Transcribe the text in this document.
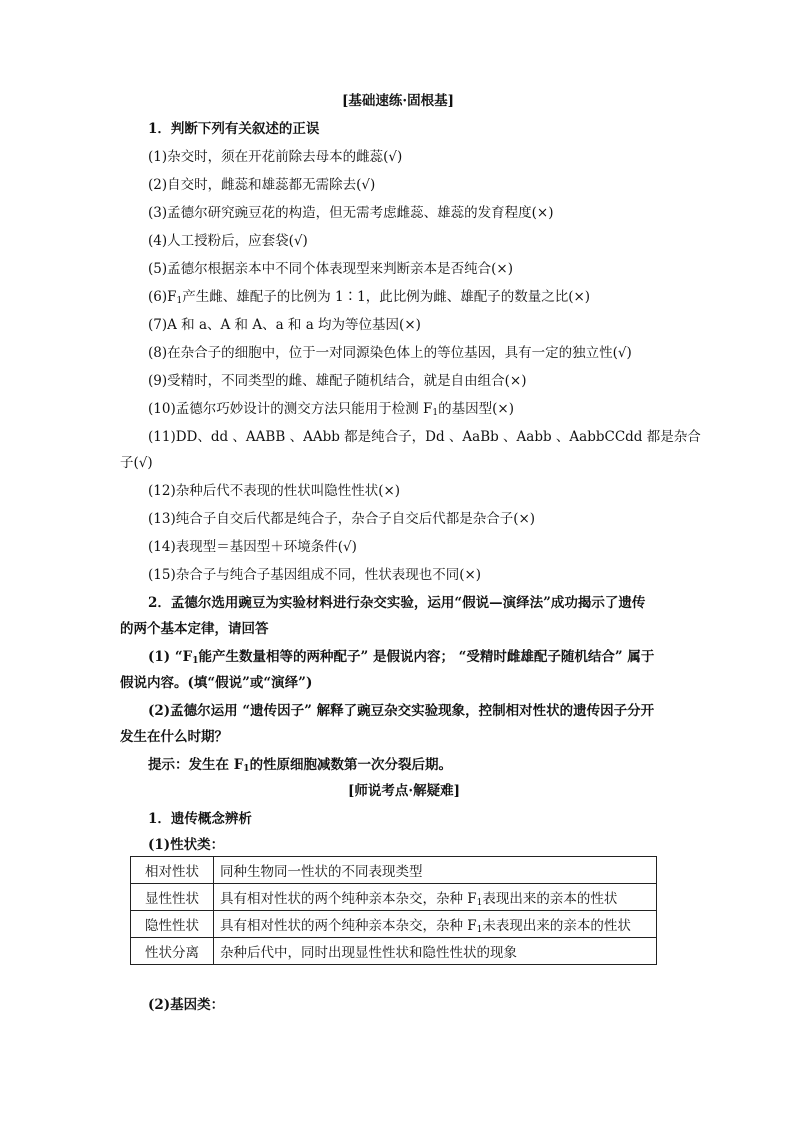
[基础速练·固根基]
1．判断下列有关叙述的正误
(1)杂交时，须在开花前除去母本的雌蕊(√)
(2)自交时，雌蕊和雄蕊都无需除去(√)
(3)孟德尔研究豌豆花的构造，但无需考虑雌蕊、雄蕊的发育程度(×)
(4)人工授粉后，应套袋(√)
(5)孟德尔根据亲本中不同个体表现型来判断亲本是否纯合(×)
$(6)F_1$产生雌、雄配子的比例为 1∶1，此比例为雌、雄配子的数量之比(×)
(7)A 和 a、A 和 A、a 和 a 均为等位基因(×)
(8)在杂合子的细胞中，位于一对同源染色体上的等位基因，具有一定的独立性(√)
(9)受精时，不同类型的雌、雄配子随机结合，就是自由组合(×)
(10)孟德尔巧妙设计的测交方法只能用于检测 $F_1$的基因型(×)
(11)DD、dd 、AABB 、AAbb 都是纯合子，Dd 、AaBb 、Aabb 、AabbCCdd 都是杂合
子(√)
(12)杂种后代不表现的性状叫隐性性状(×)
(13)纯合子自交后代都是纯合子，杂合子自交后代都是杂合子(×)
(14)表现型＝基因型＋环境条件(√)
(15)杂合子与纯合子基因组成不同，性状表现也不同(×)
2．孟德尔选用豌豆为实验材料进行杂交实验，运用“假说—演绎法”成功揭示了遗传
的两个基本定律，请回答
(1) “$F_1$能产生数量相等的两种配子” 是假说内容； “受精时雌雄配子随机结合” 属于
假说内容。(填“假说”或“演绎”)
(2)孟德尔运用 “遗传因子” 解释了豌豆杂交实验现象，控制相对性状的遗传因子分开
发生在什么时期？
提示：发生在 $F_1$的性原细胞减数第一次分裂后期。
[师说考点·解疑难]
1．遗传概念辨析
(1)性状类：
相对性状	同种生物同一性状的不同表现类型
显性性状	具有相对性状的两个纯种亲本杂交，杂种 $F_1$表现出来的亲本的性状
隐性性状	具有相对性状的两个纯种亲本杂交，杂种 $F_1$未表现出来的亲本的性状
性状分离	杂种后代中，同时出现显性性状和隐性性状的现象
(2)基因类：
